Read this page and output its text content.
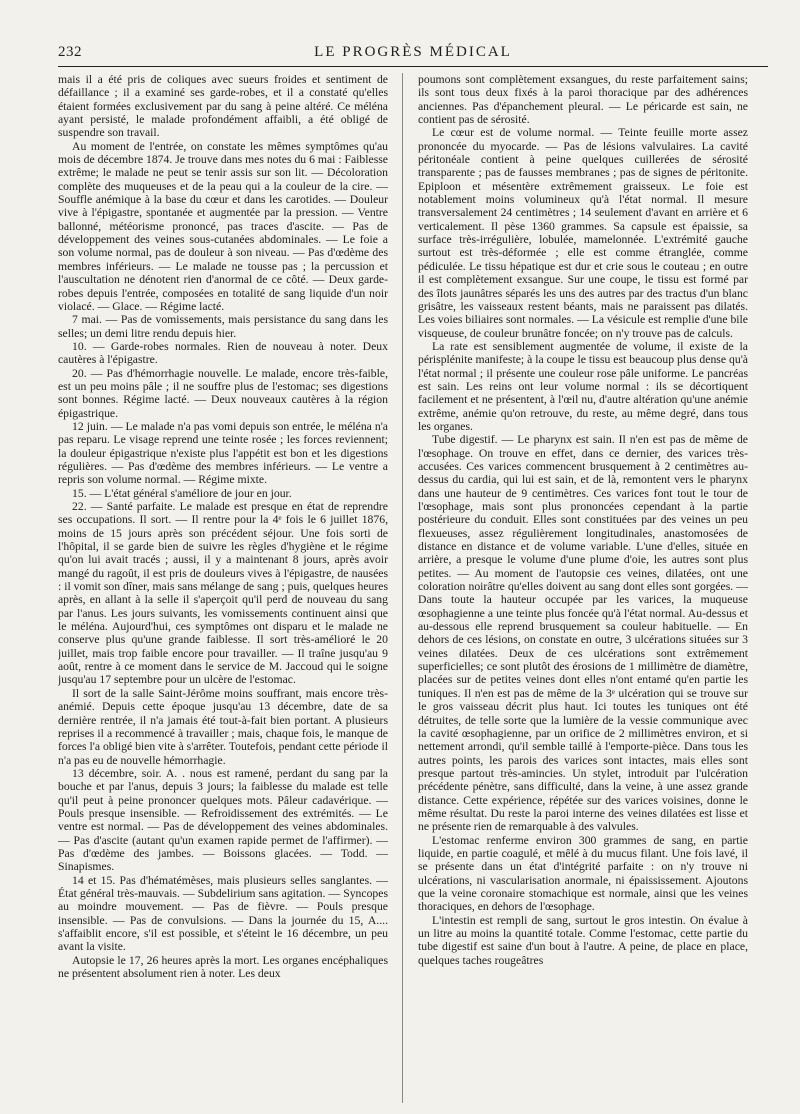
232	LE PROGRÈS MÉDICAL

mais il a été pris de coliques avec sueurs froides et sentiment de défaillance ; il a examiné ses garde-robes, et il a constaté qu'elles étaient formées exclusivement par du sang à peine altéré. Ce méléna ayant persisté, le malade profondément affaibli, a été obligé de suspendre son travail.

Au moment de l'entrée, on constate les mêmes symptômes qu'au mois de décembre 1874. Je trouve dans mes notes du 6 mai : Faiblesse extrême; le malade ne peut se tenir assis sur son lit. — Décoloration complète des muqueuses et de la peau qui a la couleur de la cire. — Souffle anémique à la base du cœur et dans les carotides. — Douleur vive à l'épigastre, spontanée et augmentée par la pression. — Ventre ballonné, météorisme prononcé, pas traces d'ascite. — Pas de développement des veines sous-cutanées abdominales. — Le foie a son volume normal, pas de douleur à son niveau. — Pas d'œdème des membres inférieurs. — Le malade ne tousse pas ; la percussion et l'auscultation ne dénotent rien d'anormal de ce côté. — Deux garde-robes depuis l'entrée, composées en totalité de sang liquide d'un noir violacé. — Glace. — Régime lacté.

7 mai. — Pas de vomissements, mais persistance du sang dans les selles; un demi litre rendu depuis hier.

10. — Garde-robes normales. Rien de nouveau à noter. Deux cautères à l'épigastre.

20. — Pas d'hémorrhagie nouvelle. Le malade, encore très-faible, est un peu moins pâle ; il ne souffre plus de l'estomac; ses digestions sont bonnes. Régime lacté. — Deux nouveaux cautères à la région épigastrique.

12 juin. — Le malade n'a pas vomi depuis son entrée, le méléna n'a pas reparu. Le visage reprend une teinte rosée ; les forces reviennent; la douleur épigastrique n'existe plus l'appétit est bon et les digestions régulières. — Pas d'œdème des membres inférieurs. — Le ventre a repris son volume normal. — Régime mixte.

15. — L'état général s'améliore de jour en jour.

22. — Santé parfaite. Le malade est presque en état de reprendre ses occupations. Il sort. — Il rentre pour la 4ᵉ fois le 6 juillet 1876, moins de 15 jours après son précédent séjour. Une fois sorti de l'hôpital, il se garde bien de suivre les règles d'hygiène et le régime qu'on lui avait tracés ; aussi, il y a maintenant 8 jours, après avoir mangé du ragoût, il est pris de douleurs vives à l'épigastre, de nausées : il vomit son dîner, mais sans mélange de sang ; puis, quelques heures après, en allant à la selle il s'aperçoit qu'il perd de nouveau du sang par l'anus. Les jours suivants, les vomissements continuent ainsi que le méléna. Aujourd'hui, ces symptômes ont disparu et le malade ne conserve plus qu'une grande faiblesse. Il sort très-amélioré le 20 juillet, mais trop faible encore pour travailler. — Il traîne jusqu'au 9 août, rentre à ce moment dans le service de M. Jaccoud qui le soigne jusqu'au 17 septembre pour un ulcère de l'estomac.

Il sort de la salle Saint-Jérôme moins souffrant, mais encore très-anémié. Depuis cette époque jusqu'au 13 décembre, date de sa dernière rentrée, il n'a jamais été tout-à-fait bien portant. A plusieurs reprises il a recommencé à travailler ; mais, chaque fois, le manque de forces l'a obligé bien vite à s'arrêter. Toutefois, pendant cette période il n'a pas eu de nouvelle hémorrhagie.

13 décembre, soir. A. . nous est ramené, perdant du sang par la bouche et par l'anus, depuis 3 jours; la faiblesse du malade est telle qu'il peut à peine prononcer quelques mots. Pâleur cadavérique. — Pouls presque insensible. — Refroidissement des extrémités. — Le ventre est normal. — Pas de développement des veines abdominales. — Pas d'ascite (autant qu'un examen rapide permet de l'affirmer). — Pas d'œdème des jambes. — Boissons glacées. — Todd. — Sinapismes.

14 et 15. Pas d'hématémèses, mais plusieurs selles sanglantes. — État général très-mauvais. — Subdelirium sans agitation. — Syncopes au moindre mouvement. — Pas de fièvre. — Pouls presque insensible. — Pas de convulsions. — Dans la journée du 15, A.... s'affaiblit encore, s'il est possible, et s'éteint le 16 décembre, un peu avant la visite.

Autopsie le 17, 26 heures après la mort. Les organes encéphaliques ne présentent absolument rien à noter. Les deux

poumons sont complètement exsangues, du reste parfaitement sains; ils sont tous deux fixés à la paroi thoracique par des adhérences anciennes. Pas d'épanchement pleural. — Le péricarde est sain, ne contient pas de sérosité.

Le cœur est de volume normal. — Teinte feuille morte assez prononcée du myocarde. — Pas de lésions valvulaires. La cavité péritonéale contient à peine quelques cuillerées de sérosité transparente ; pas de fausses membranes ; pas de signes de péritonite. Epiploon et mésentère extrêmement graisseux. Le foie est notablement moins volumineux qu'à l'état normal. Il mesure transversalement 24 centimètres ; 14 seulement d'avant en arrière et 6 verticalement. Il pèse 1360 grammes. Sa capsule est épaissie, sa surface très-irrégulière, lobulée, mamelonnée. L'extrémité gauche surtout est très-déformée ; elle est comme étranglée, comme pédiculée. Le tissu hépatique est dur et crie sous le couteau ; en outre il est complètement exsangue. Sur une coupe, le tissu est formé par des îlots jaunâtres séparés les uns des autres par des tractus d'un blanc grisâtre, les vaisseaux restent béants, mais ne paraissent pas dilatés. Les voies biliaires sont normales. — La vésicule est remplie d'une bile visqueuse, de couleur brunâtre foncée; on n'y trouve pas de calculs.

La rate est sensiblement augmentée de volume, il existe de la périsplénite manifeste; à la coupe le tissu est beaucoup plus dense qu'à l'état normal ; il présente une couleur rose pâle uniforme. Le pancréas est sain. Les reins ont leur volume normal : ils se décortiquent facilement et ne présentent, à l'œil nu, d'autre altération qu'une anémie extrême, anémie qu'on retrouve, du reste, au même degré, dans tous les organes.

Tube digestif. — Le pharynx est sain. Il n'en est pas de même de l'œsophage. On trouve en effet, dans ce dernier, des varices très-accusées. Ces varices commencent brusquement à 2 centimètres au-dessus du cardia, qui lui est sain, et de là, remontent vers le pharynx dans une hauteur de 9 centimètres. Ces varices font tout le tour de l'œsophage, mais sont plus prononcées cependant à la partie postérieure du conduit. Elles sont constituées par des veines un peu flexueuses, assez régulièrement longitudinales, anastomosées de distance en distance et de volume variable. L'une d'elles, située en arrière, a presque le volume d'une plume d'oie, les autres sont plus petites. — Au moment de l'autopsie ces veines, dilatées, ont une coloration noirâtre qu'elles doivent au sang dont elles sont gorgées. — Dans toute la hauteur occupée par les varices, la muqueuse œsophagienne a une teinte plus foncée qu'à l'état normal. Au-dessus et au-dessous elle reprend brusquement sa couleur habituelle. — En dehors de ces lésions, on constate en outre, 3 ulcérations situées sur 3 veines dilatées. Deux de ces ulcérations sont extrêmement superficielles; ce sont plutôt des érosions de 1 millimètre de diamètre, placées sur de petites veines dont elles n'ont entamé qu'en partie les tuniques. Il n'en est pas de même de la 3ᵉ ulcération qui se trouve sur le gros vaisseau décrit plus haut. Ici toutes les tuniques ont été détruites, de telle sorte que la lumière de la vessie communique avec la cavité œsophagienne, par un orifice de 2 millimètres environ, et si nettement arrondi, qu'il semble taillé à l'emporte-pièce. Dans tous les autres points, les parois des varices sont intactes, mais elles sont presque partout très-amincies. Un stylet, introduit par l'ulcération précédente pénètre, sans difficulté, dans la veine, à une assez grande distance. Cette expérience, répétée sur des varices voisines, donne le même résultat. Du reste la paroi interne des veines dilatées est lisse et ne présente rien de remarquable à des valvules.

L'estomac renferme environ 300 grammes de sang, en partie liquide, en partie coagulé, et mêlé à du mucus filant. Une fois lavé, il se présente dans un état d'intégrité parfaite : on n'y trouve ni ulcérations, ni vascularisation anormale, ni épaississement. Ajoutons que la veine coronaire stomachique est normale, ainsi que les veines thoraciques, en dehors de l'œsophage.

L'intestin est rempli de sang, surtout le gros intestin. On évalue à un litre au moins la quantité totale. Comme l'estomac, cette partie du tube digestif est saine d'un bout à l'autre. A peine, de place en place, quelques taches rougeâtres
